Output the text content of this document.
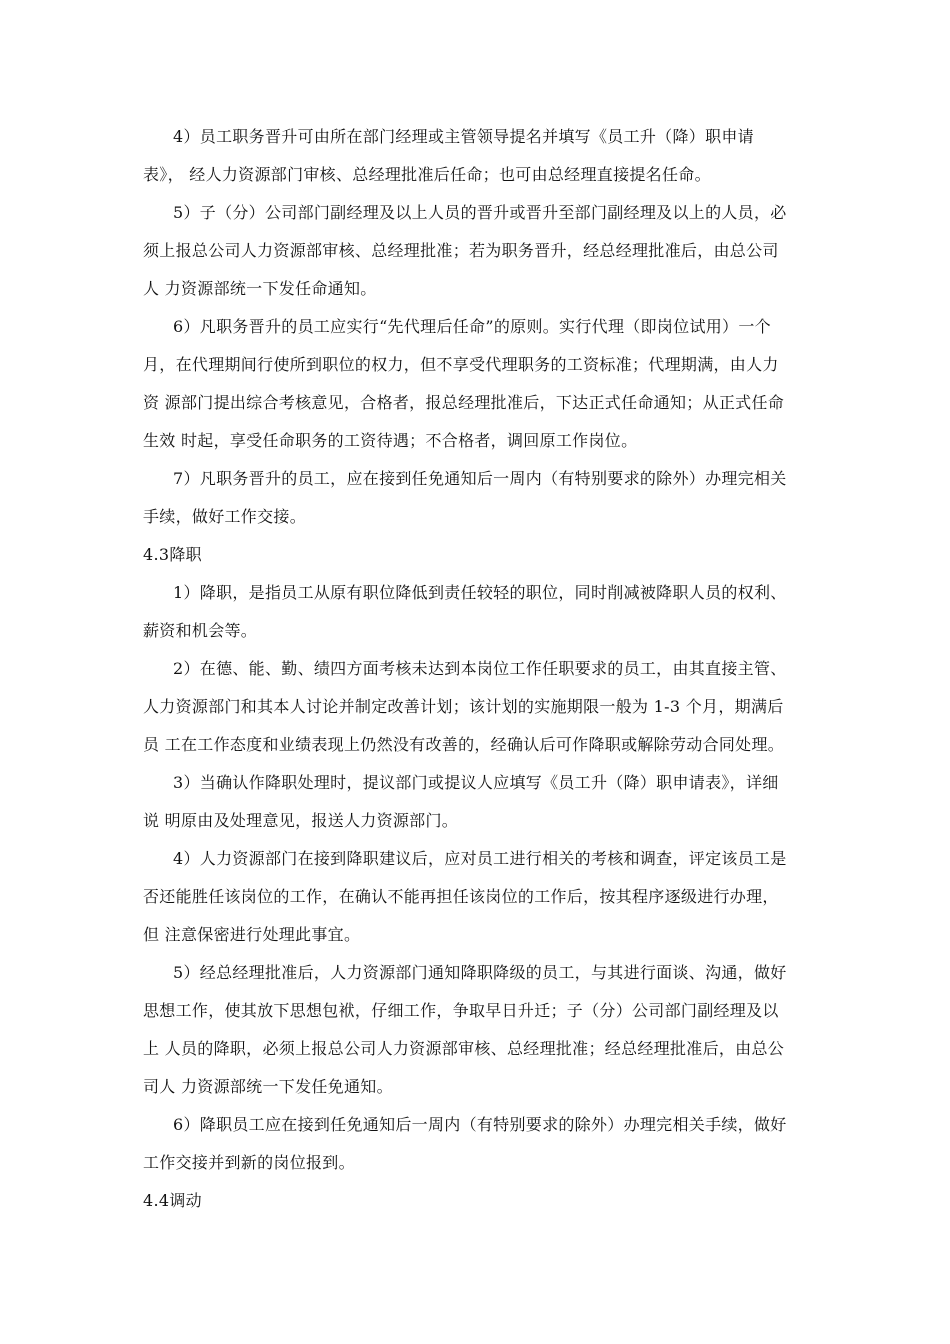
4）员工职务晋升可由所在部门经理或主管领导提名并填写《员工升（降）职申请
表》， 经人力资源部门审核、总经理批准后任命；也可由总经理直接提名任命。
5）子（分）公司部门副经理及以上人员的晋升或晋升至部门副经理及以上的人员，必
须上报总公司人力资源部审核、总经理批准；若为职务晋升，经总经理批准后，由总公司
人 力资源部统一下发任命通知。
6）凡职务晋升的员工应实行“先代理后任命”的原则。实行代理（即岗位试用）一个
月，在代理期间行使所到职位的权力，但不享受代理职务的工资标准；代理期满，由人力
资 源部门提出综合考核意见，合格者，报总经理批准后，下达正式任命通知；从正式任命
生效 时起，享受任命职务的工资待遇；不合格者，调回原工作岗位。
7）凡职务晋升的员工，应在接到任免通知后一周内（有特别要求的除外）办理完相关
手续，做好工作交接。
4.3降职
1）降职，是指员工从原有职位降低到责任较轻的职位，同时削减被降职人员的权利、
薪资和机会等。
2）在德、能、勤、绩四方面考核未达到本岗位工作任职要求的员工，由其直接主管、
人力资源部门和其本人讨论并制定改善计划；该计划的实施期限一般为 1-3 个月，期满后
员 工在工作态度和业绩表现上仍然没有改善的，经确认后可作降职或解除劳动合同处理。
3）当确认作降职处理时，提议部门或提议人应填写《员工升（降）职申请表》，详细
说 明原由及处理意见，报送人力资源部门。
4）人力资源部门在接到降职建议后，应对员工进行相关的考核和调查，评定该员工是
否还能胜任该岗位的工作，在确认不能再担任该岗位的工作后，按其程序逐级进行办理，
但 注意保密进行处理此事宜。
5）经总经理批准后，人力资源部门通知降职降级的员工，与其进行面谈、沟通，做好
思想工作，使其放下思想包袱，仔细工作，争取早日升迁；子（分）公司部门副经理及以
上 人员的降职，必须上报总公司人力资源部审核、总经理批准；经总经理批准后，由总公
司人 力资源部统一下发任免通知。
6）降职员工应在接到任免通知后一周内（有特别要求的除外）办理完相关手续，做好
工作交接并到新的岗位报到。
4.4调动
